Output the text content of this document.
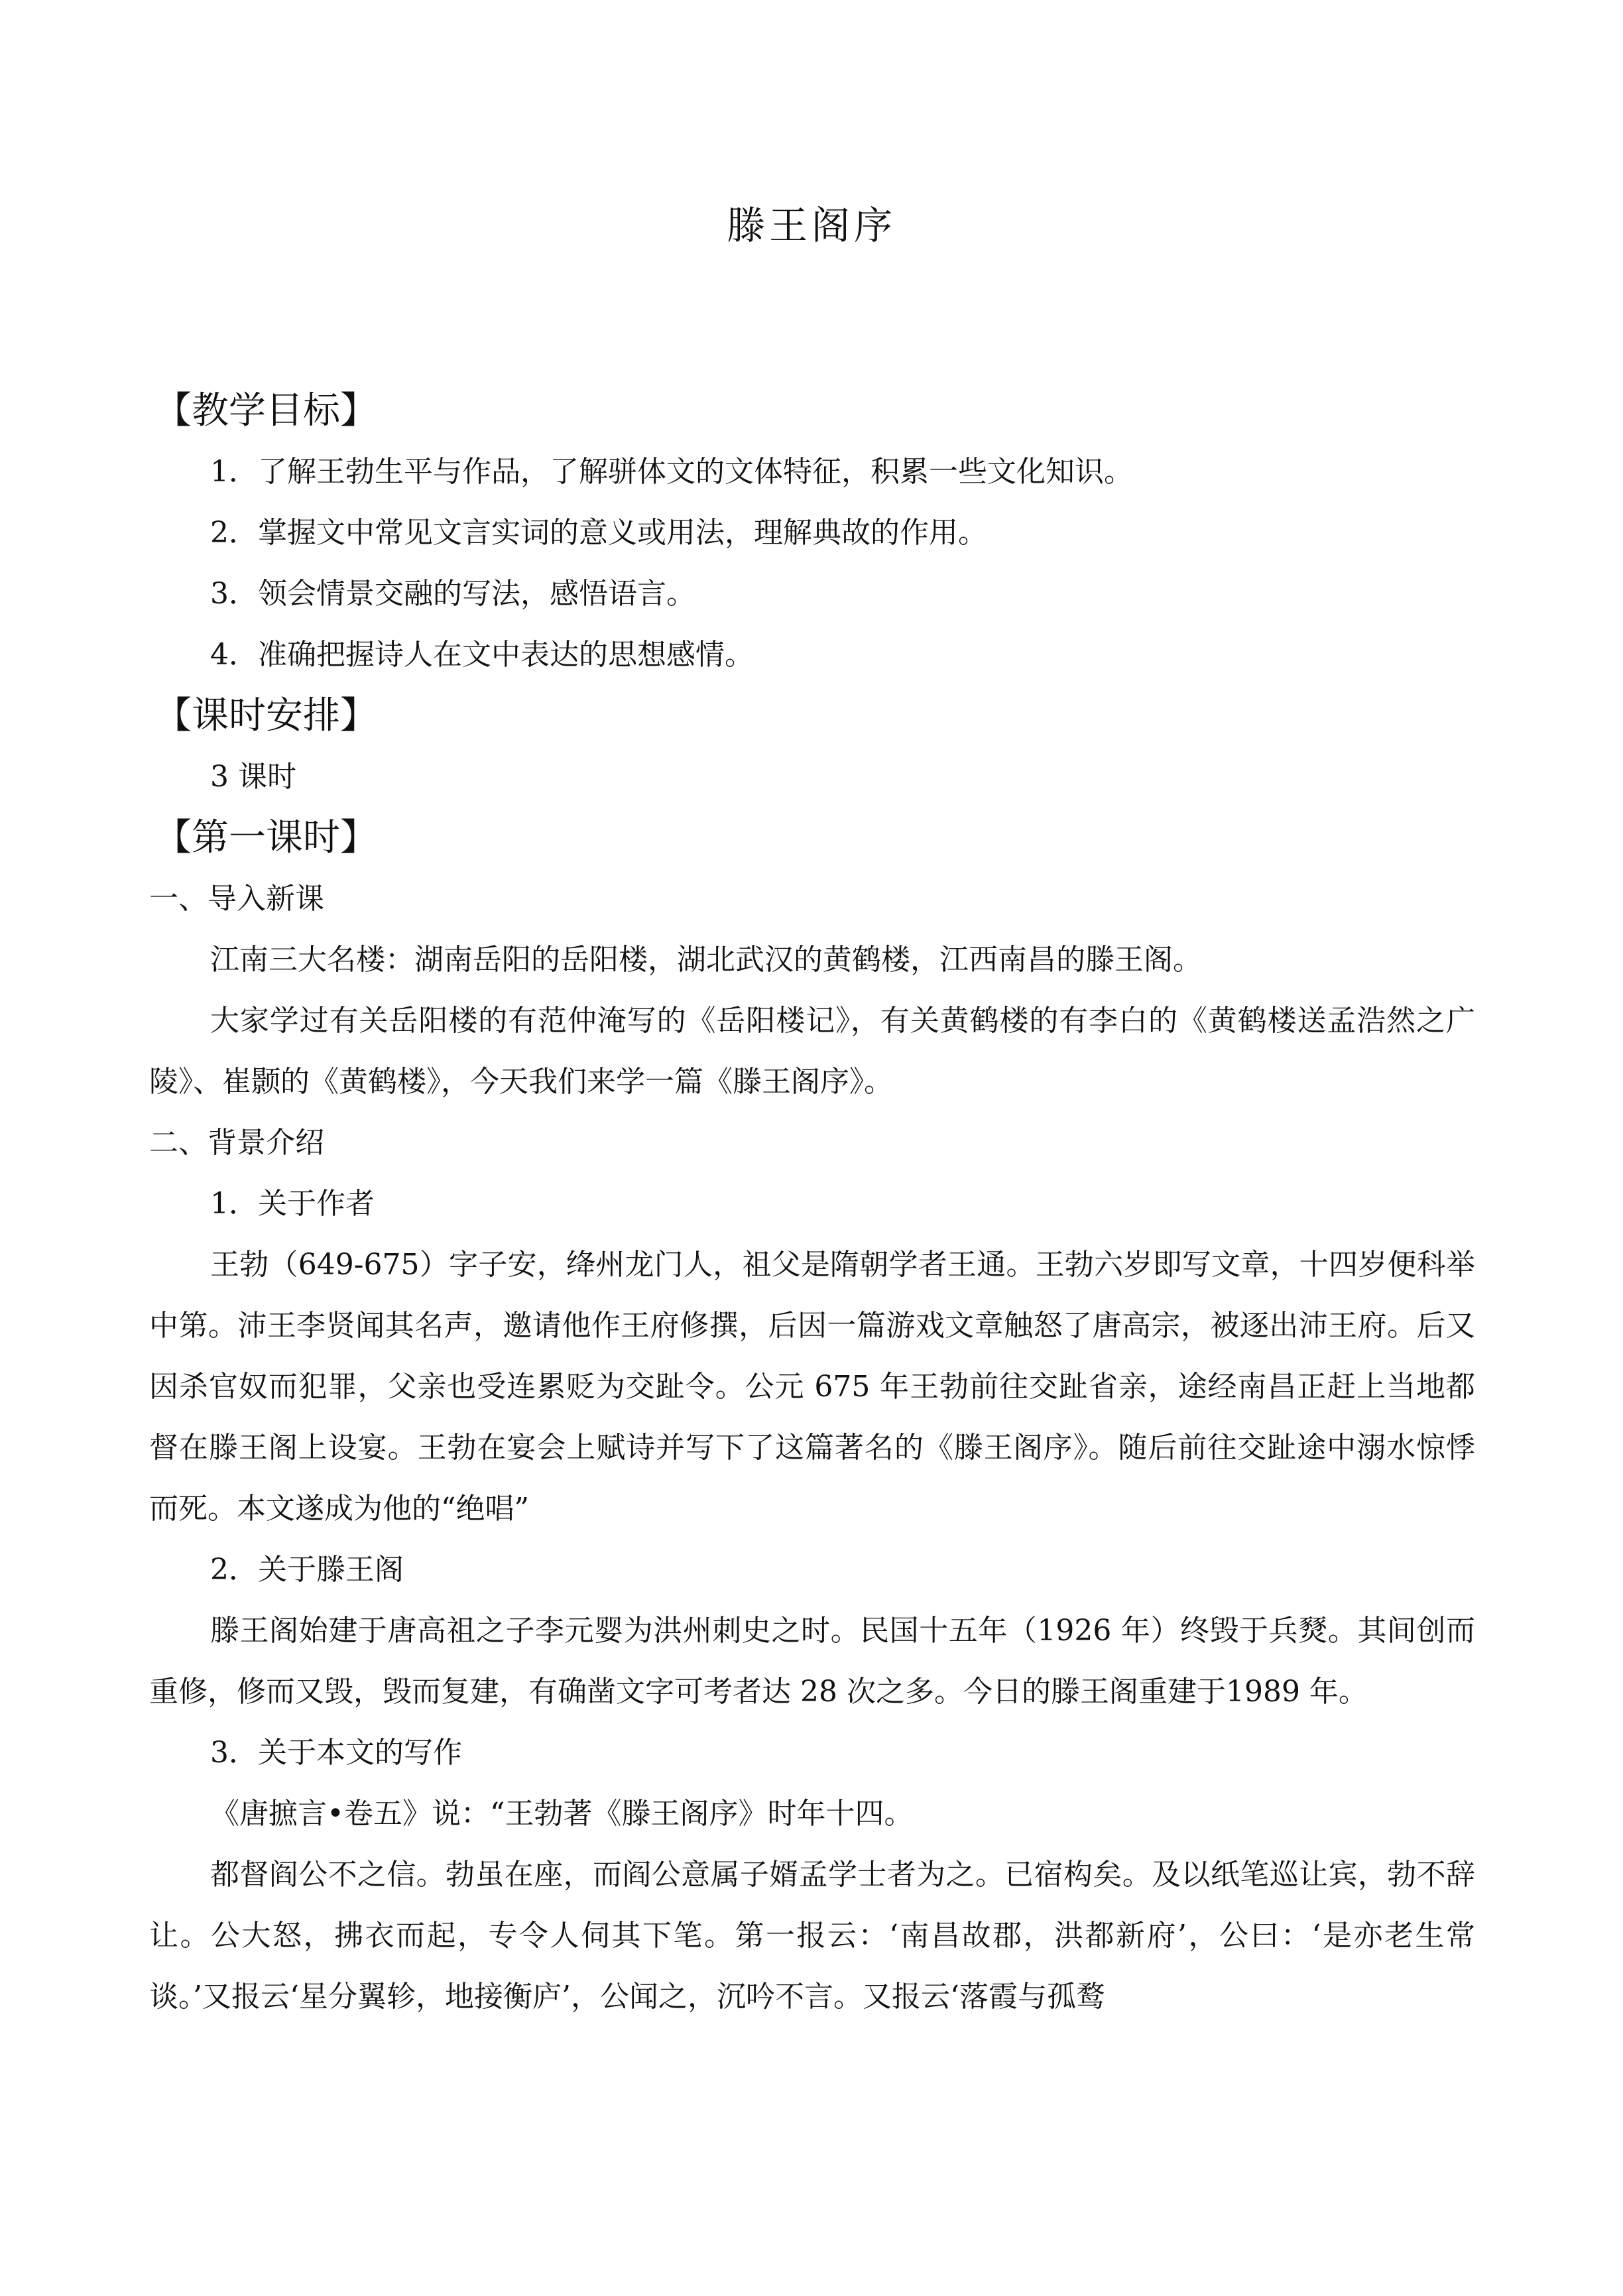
滕王阁序
【教学目标】
1．了解王勃生平与作品，了解骈体文的文体特征，积累一些文化知识。
2．掌握文中常见文言实词的意义或用法，理解典故的作用。
3．领会情景交融的写法，感悟语言。
4．准确把握诗人在文中表达的思想感情。
【课时安排】
3 课时
【第一课时】
一、导入新课

江南三大名楼：湖南岳阳的岳阳楼，湖北武汉的黄鹤楼，江西南昌的滕王阁。

大家学过有关岳阳楼的有范仲淹写的《岳阳楼记》，有关黄鹤楼的有李白的《黄鹤楼送孟浩然之广陵》、崔颢的《黄鹤楼》，今天我们来学一篇《滕王阁序》。

二、背景介绍
1．关于作者

王勃（649-675）字子安，绛州龙门人，祖父是隋朝学者王通。王勃六岁即写文章，十四岁便科举中第。沛王李贤闻其名声，邀请他作王府修撰，后因一篇游戏文章触怒了唐高宗，被逐出沛王府。后又因杀官奴而犯罪，父亲也受连累贬为交趾令。公元 675 年王勃前往交趾省亲，途经南昌正赶上当地都督在滕王阁上设宴。王勃在宴会上赋诗并写下了这篇著名的《滕王阁序》。随后前往交趾途中溺水惊悸而死。本文遂成为他的“绝唱”

2．关于滕王阁

滕王阁始建于唐高祖之子李元婴为洪州刺史之时。民国十五年（1926 年）终毁于兵燹。其间创而重修，修而又毁，毁而复建，有确凿文字可考者达 28 次之多。今日的滕王阁重建于1989 年。

3．关于本文的写作

《唐摭言•卷五》说：“王勃著《滕王阁序》时年十四。

都督阎公不之信。勃虽在座，而阎公意属子婿孟学士者为之。已宿构矣。及以纸笔巡让宾，勃不辞让。公大怒，拂衣而起，专令人伺其下笔。第一报云：‘南昌故郡，洪都新府’，公曰：‘是亦老生常谈。’又报云‘星分翼轸，地接衡庐’，公闻之，沉吟不言。又报云‘落霞与孤鹜
